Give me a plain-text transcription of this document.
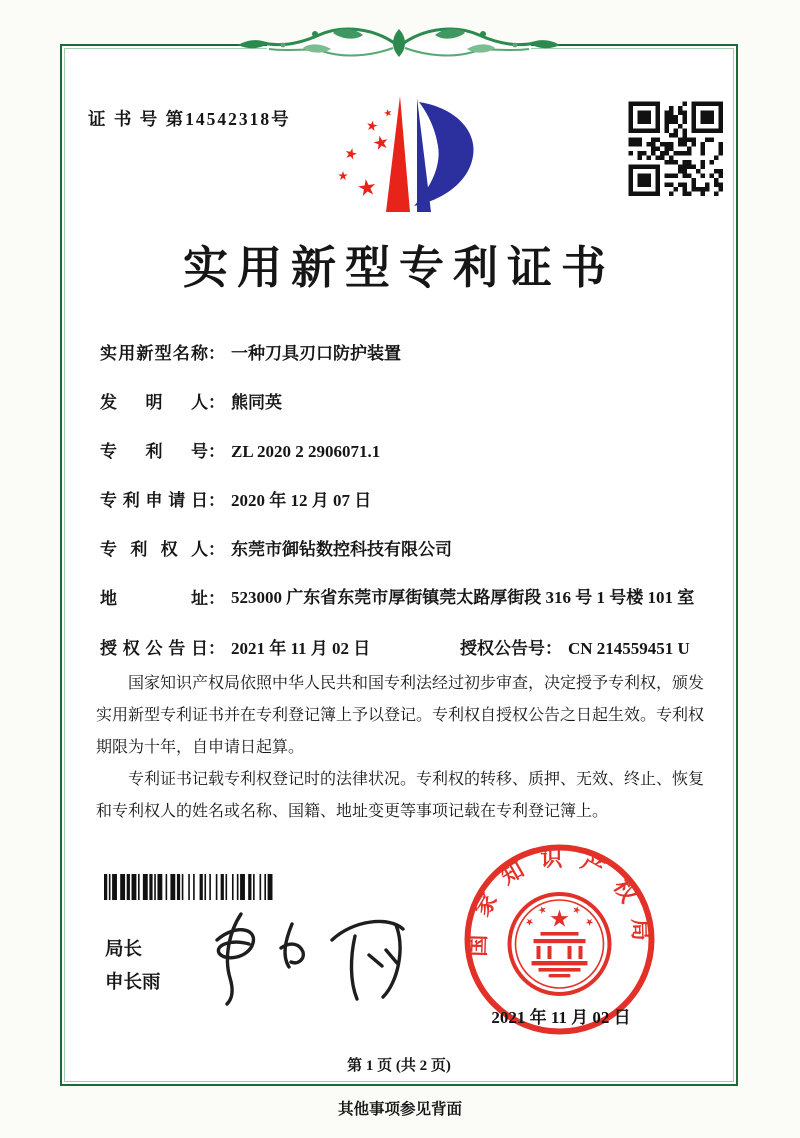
证 书 号 第14542318号
实用新型专利证书
实用新型名称： 一种刀具刃口防护装置
发明人： 熊同英
专利号： ZL 2020 2 2906071.1
专利申请日： 2020 年 12 月 07 日
专利权人： 东莞市御钻数控科技有限公司
地址： 523000 广东省东莞市厚街镇莞太路厚街段 316 号 1 号楼 101 室
授权公告日： 2021 年 11 月 02 日	授权公告号： CN 214559451 U

国家知识产权局依照中华人民共和国专利法经过初步审查，决定授予专利权，颁发实用新型专利证书并在专利登记簿上予以登记。专利权自授权公告之日起生效。专利权期限为十年，自申请日起算。

专利证书记载专利权登记时的法律状况。专利权的转移、质押、无效、终止、恢复和专利权人的姓名或名称、国籍、地址变更等事项记载在专利登记簿上。

局长
申长雨
国家知识产权局
2021 年 11 月 02 日
第 1 页 (共 2 页)
其他事项参见背面
